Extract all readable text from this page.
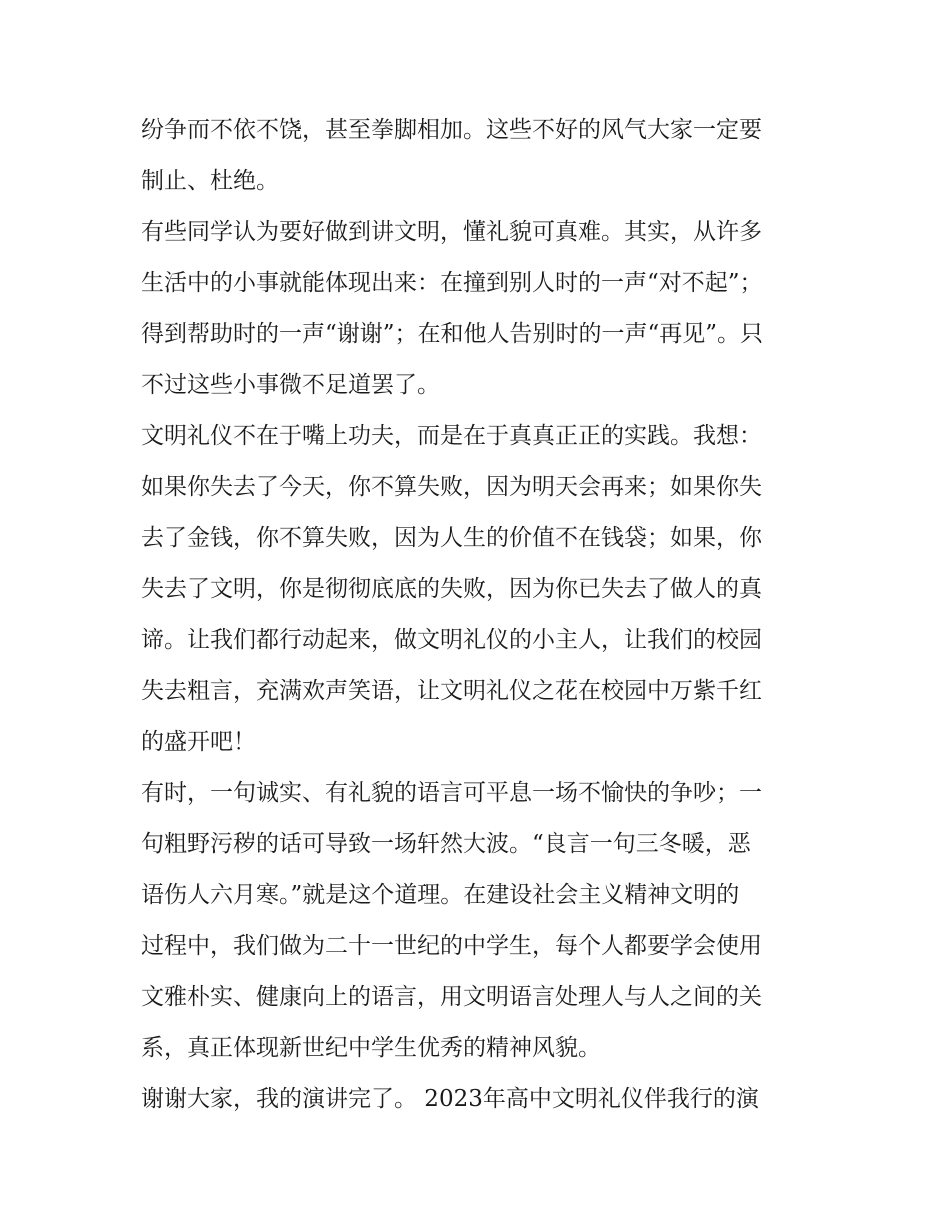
纷争而不依不饶，甚至拳脚相加。这些不好的风气大家一定要
制止、杜绝。
有些同学认为要好做到讲文明，懂礼貌可真难。其实，从许多
生活中的小事就能体现出来：在撞到别人时的一声“对不起”；
得到帮助时的一声“谢谢”；在和他人告别时的一声“再见”。只
不过这些小事微不足道罢了。
文明礼仪不在于嘴上功夫，而是在于真真正正的实践。我想：
如果你失去了今天，你不算失败，因为明天会再来；如果你失
去了金钱，你不算失败，因为人生的价值不在钱袋；如果，你
失去了文明，你是彻彻底底的失败，因为你已失去了做人的真
谛。让我们都行动起来，做文明礼仪的小主人，让我们的校园
失去粗言，充满欢声笑语，让文明礼仪之花在校园中万紫千红
的盛开吧！
有时，一句诚实、有礼貌的语言可平息一场不愉快的争吵；一
句粗野污秽的话可导致一场轩然大波。“良言一句三冬暖，恶
语伤人六月寒。”就是这个道理。在建设社会主义精神文明的
过程中，我们做为二十一世纪的中学生，每个人都要学会使用
文雅朴实、健康向上的语言，用文明语言处理人与人之间的关
系，真正体现新世纪中学生优秀的精神风貌。
谢谢大家，我的演讲完了。 2023年高中文明礼仪伴我行的演
